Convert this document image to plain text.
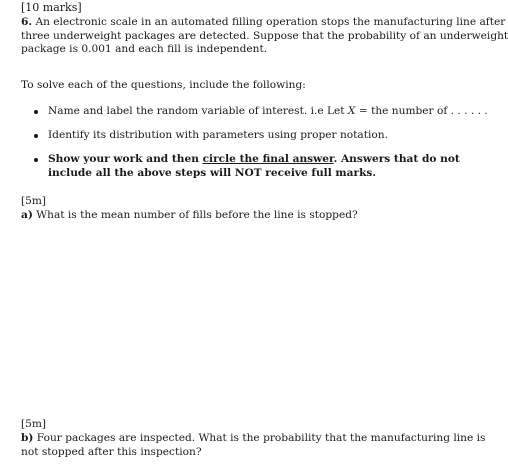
[10 marks]
6. An electronic scale in an automated filling operation stops the manufacturing line after
three underweight packages are detected. Suppose that the probability of an underweight
package is 0.001 and each fill is independent.
To solve each of the questions, include the following:
Name and label the random variable of interest. i.e Let X = the number of . . . . . .
Identify its distribution with parameters using proper notation.
Show your work and then circle the final answer. Answers that do not
include all the above steps will NOT receive full marks.
[5m]
a) What is the mean number of fills before the line is stopped?
[5m]
b) Four packages are inspected. What is the probability that the manufacturing line is
not stopped after this inspection?
